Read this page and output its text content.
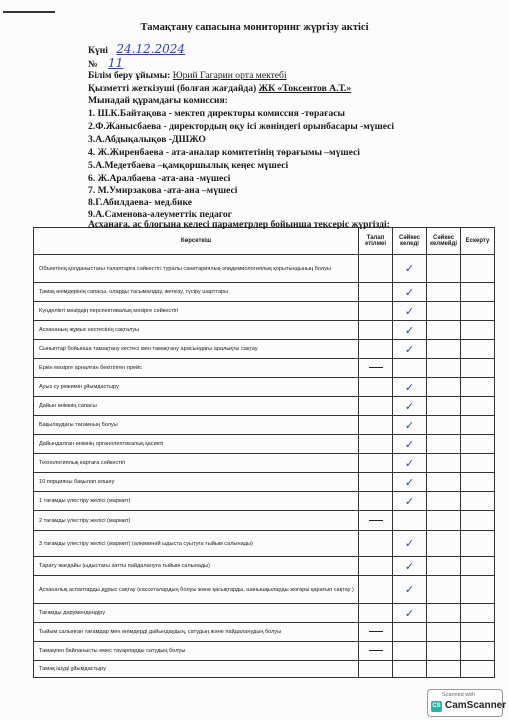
Тамақтану сапасына мониторинг жүргізу актісі
Күні 24.12.2024
№ 11
Білім беру ұйымы: Юрий Гагарин орта мектебі
Қызметті жеткізуші (болған жағдайда) ЖК «Токсеитов А.Т.»
Мынадай құрамдағы комиссия:
1. Ш.К.Байтақова - мектеп директоры комиссия -төрағасы
2.Ф.Жанысбаева - директордың оқу ісі жөніндегі орынбасары -мүшесі
3.А.Абдықалықов -ДШЖО
4. Ж.Жиренбаева - ата-аналар комитетінің төрағымы –мүшесі
5.А.Медетбаева –қамқоршылық кеңес мүшесі
6. Ж.Аралбаева -ата-ана -мүшесі
7. М.Умирзакова -ата-ана –мүшесі
8.Г.Абилдаева- мед.бике
9.А.Саменова-әлеуметтік педагог
Асханаға, ас блогына келесі параметрлер бойынша тексеріс жүргізді:
Көрсеткіш	Талап етілмеі	Сәйкес келеді	Сәйкес келмейді	Ескерту
Объектінің қолданыстағы талаптарға сәйкестігі туралы санитариялық-эпидемиологиялық қорытындының болуы		✓		
Тамақ өнімдерінің сапасы, оларды тасымалдау, жеткізу, түсіру шарттары		✓		
Күнделікті мәзірдің перспективалық мәзірге сәйкестігі		✓		
Асхананың жұмыс кестесінің сақталуы		✓		
Сыныптар бойынша тамақтану кестесі мен тамақтану арасындағы аралықты сақтау		✓		
Еркін мәзірге арналған бекітілген прейс				
Ауыз су режимін ұйымдастыру		✓		
Дайын өнімнің сапасы		✓		
Бақылаудағы тағамның болуы		✓		
Дайындалған өнімнің органолептикалық қасиеті		✓		
Технологиялық картаға сәйкестігі		✓		
10 порцияны бақылап өлшеу		✓		
1 тағамды үлестіру желісі (мармит)		✓		
2 тағамды үлестіру желісі (мармит)				
3 тағамды үлестіру желісі (мармит) (алюминий ыдыста суытуға тыйым салынады)		✓		
Тарату жағдайы (ыдыстағы затты пайдалануға тыйым салынады)		✓		
Асханалық аспаптарды дұрыс сақтау (кассеталардың болуы және қасықтарды, шанышқыларды жоғары қаратып сақтау )		✓		
Тағамды дәрумендендіру		✓		
Тыйым салынған тағамдар мен өнімдерді дайындаудың, сатудың және пайдаланудың болуы				
Тамақпен байланысты емес тауарларды сатудың болуы				
Тамақ ішуді ұйымдастыру				
Scanned with
CS CamScanner
